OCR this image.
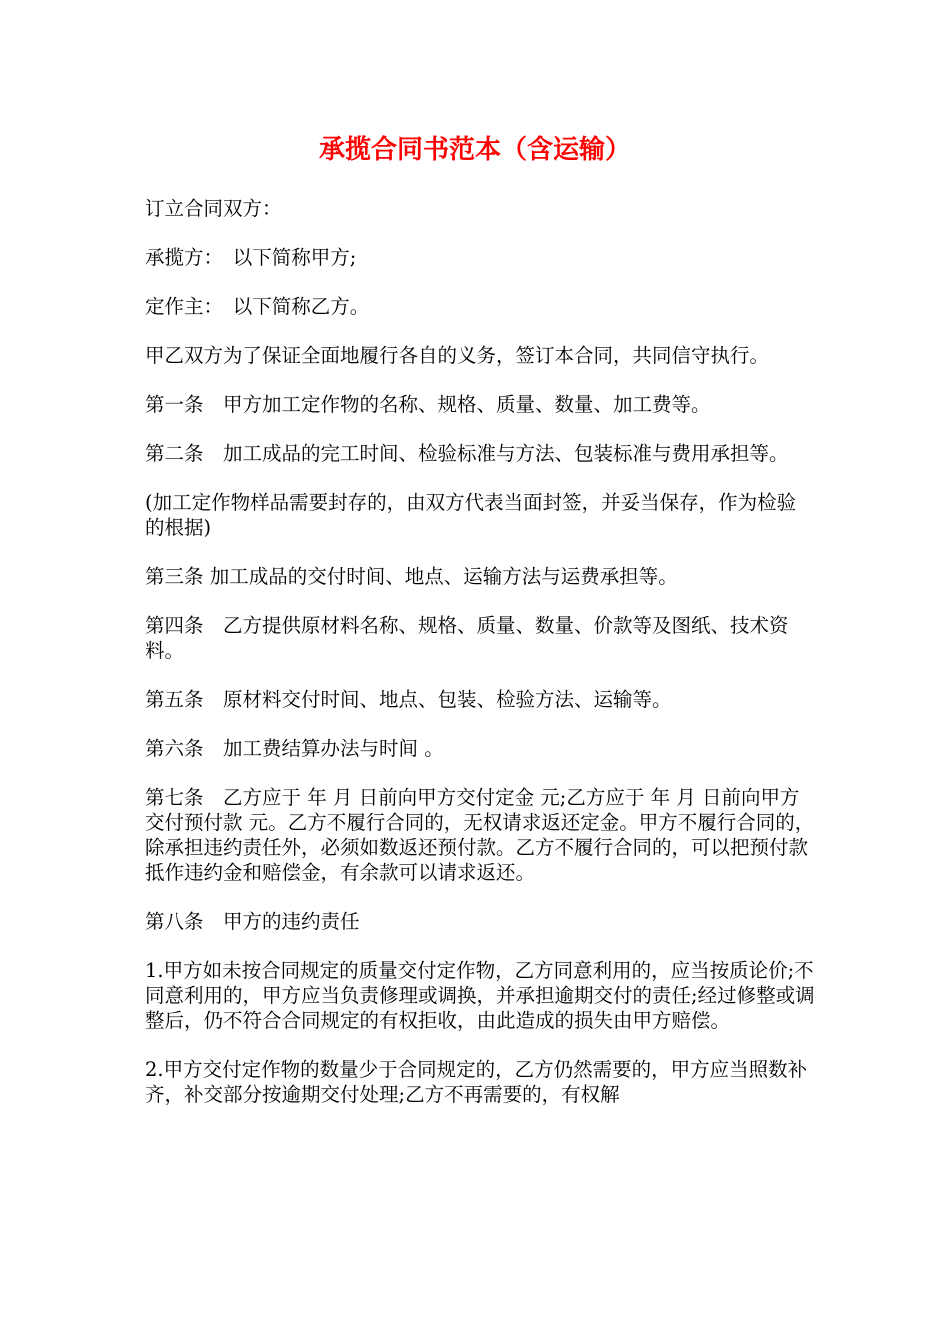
承揽合同书范本（含运输）

订立合同双方：

承揽方：　以下简称甲方;

定作主：　以下简称乙方。

甲乙双方为了保证全面地履行各自的义务，签订本合同，共同信守执行。

第一条　甲方加工定作物的名称、规格、质量、数量、加工费等。

第二条　加工成品的完工时间、检验标准与方法、包装标准与费用承担等。

(加工定作物样品需要封存的，由双方代表当面封签，并妥当保存，作为检验的根据)

第三条 加工成品的交付时间、地点、运输方法与运费承担等。

第四条　乙方提供原材料名称、规格、质量、数量、价款等及图纸、技术资料。

第五条　原材料交付时间、地点、包装、检验方法、运输等。

第六条　加工费结算办法与时间 。

第七条　乙方应于 年 月 日前向甲方交付定金 元;乙方应于 年 月 日前向甲方交付预付款 元。乙方不履行合同的，无权请求返还定金。甲方不履行合同的，除承担违约责任外，必须如数返还预付款。乙方不履行合同的，可以把预付款抵作违约金和赔偿金，有余款可以请求返还。

第八条　甲方的违约责任

1.甲方如未按合同规定的质量交付定作物，乙方同意利用的，应当按质论价;不同意利用的，甲方应当负责修理或调换，并承担逾期交付的责任;经过修整或调整后，仍不符合合同规定的有权拒收，由此造成的损失由甲方赔偿。

2.甲方交付定作物的数量少于合同规定的，乙方仍然需要的，甲方应当照数补齐，补交部分按逾期交付处理;乙方不再需要的，有权解
